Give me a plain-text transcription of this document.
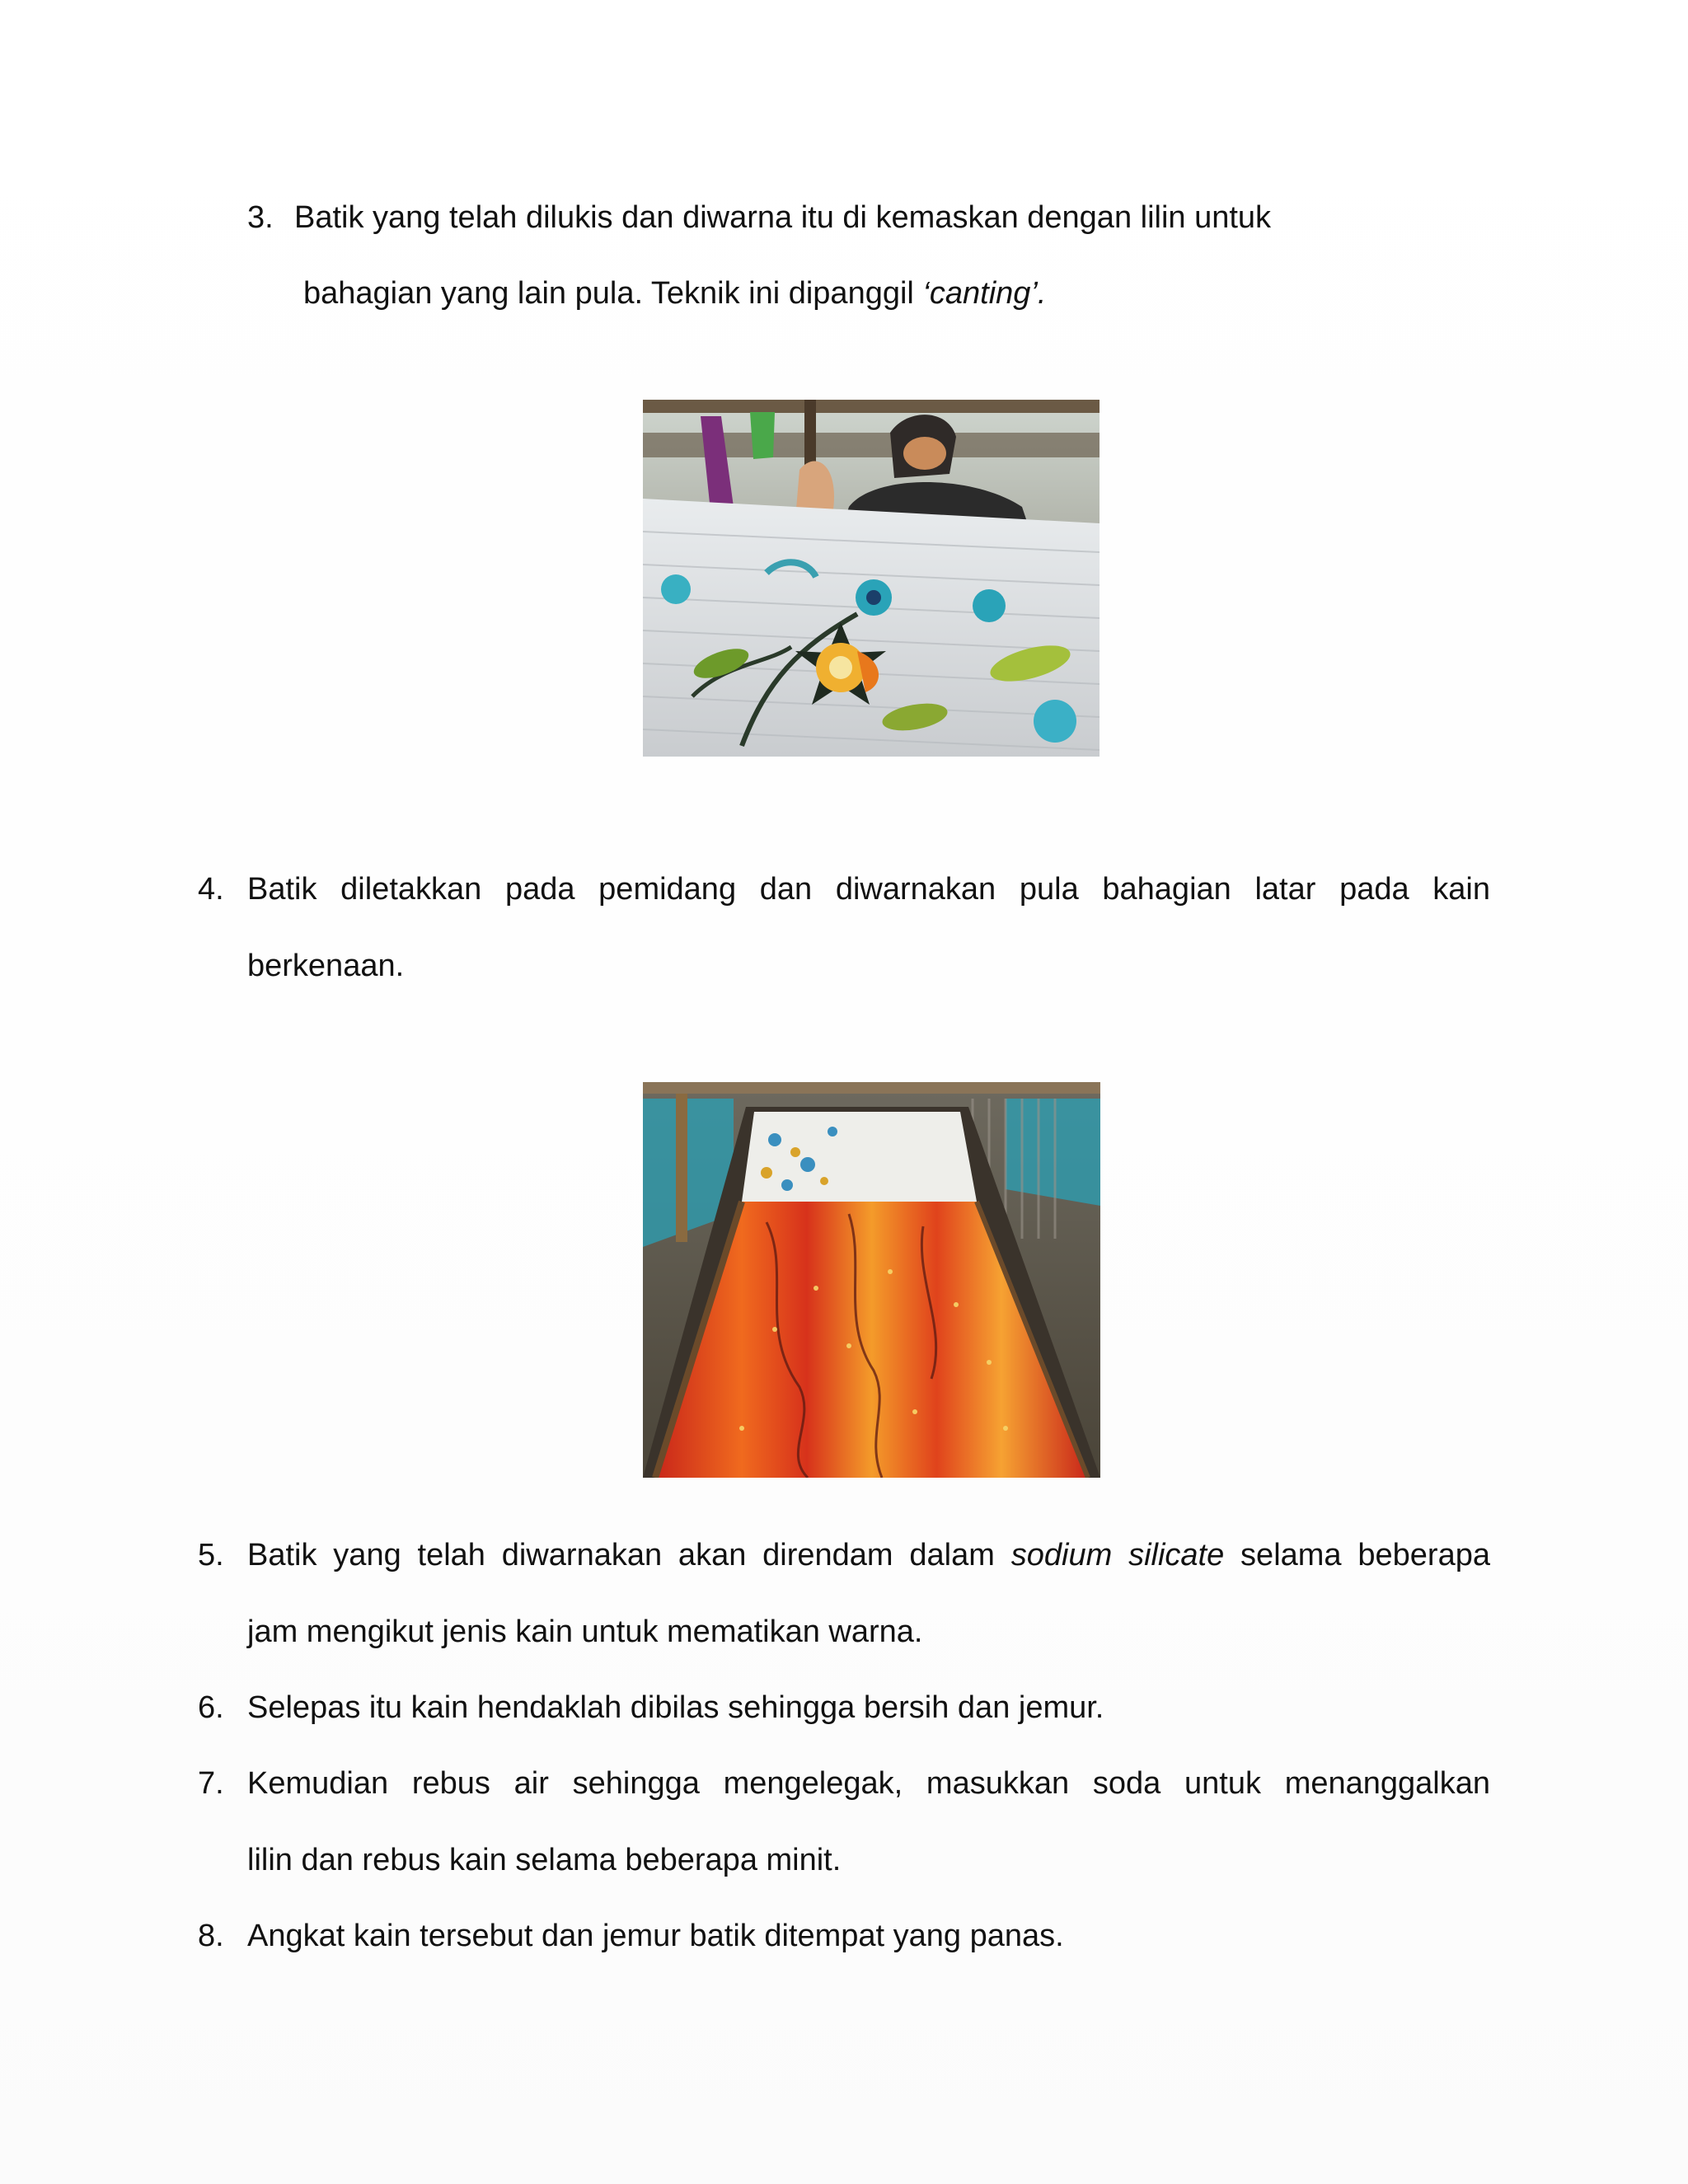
3. Batik yang telah dilukis dan diwarna itu di kemaskan dengan lilin untuk
bahagian yang lain pula. Teknik ini dipanggil ‘canting’.
4. Batik diletakkan pada pemidang dan diwarnakan pula bahagian latar pada kain
berkenaan.
5. Batik yang telah diwarnakan akan direndam dalam sodium silicate selama beberapa
jam mengikut jenis kain untuk mematikan warna.
6. Selepas itu kain hendaklah dibilas sehingga bersih dan jemur.
7. Kemudian rebus air sehingga mengelegak, masukkan soda untuk menanggalkan
lilin dan rebus kain selama beberapa minit.
8. Angkat kain tersebut dan jemur batik ditempat yang panas.
